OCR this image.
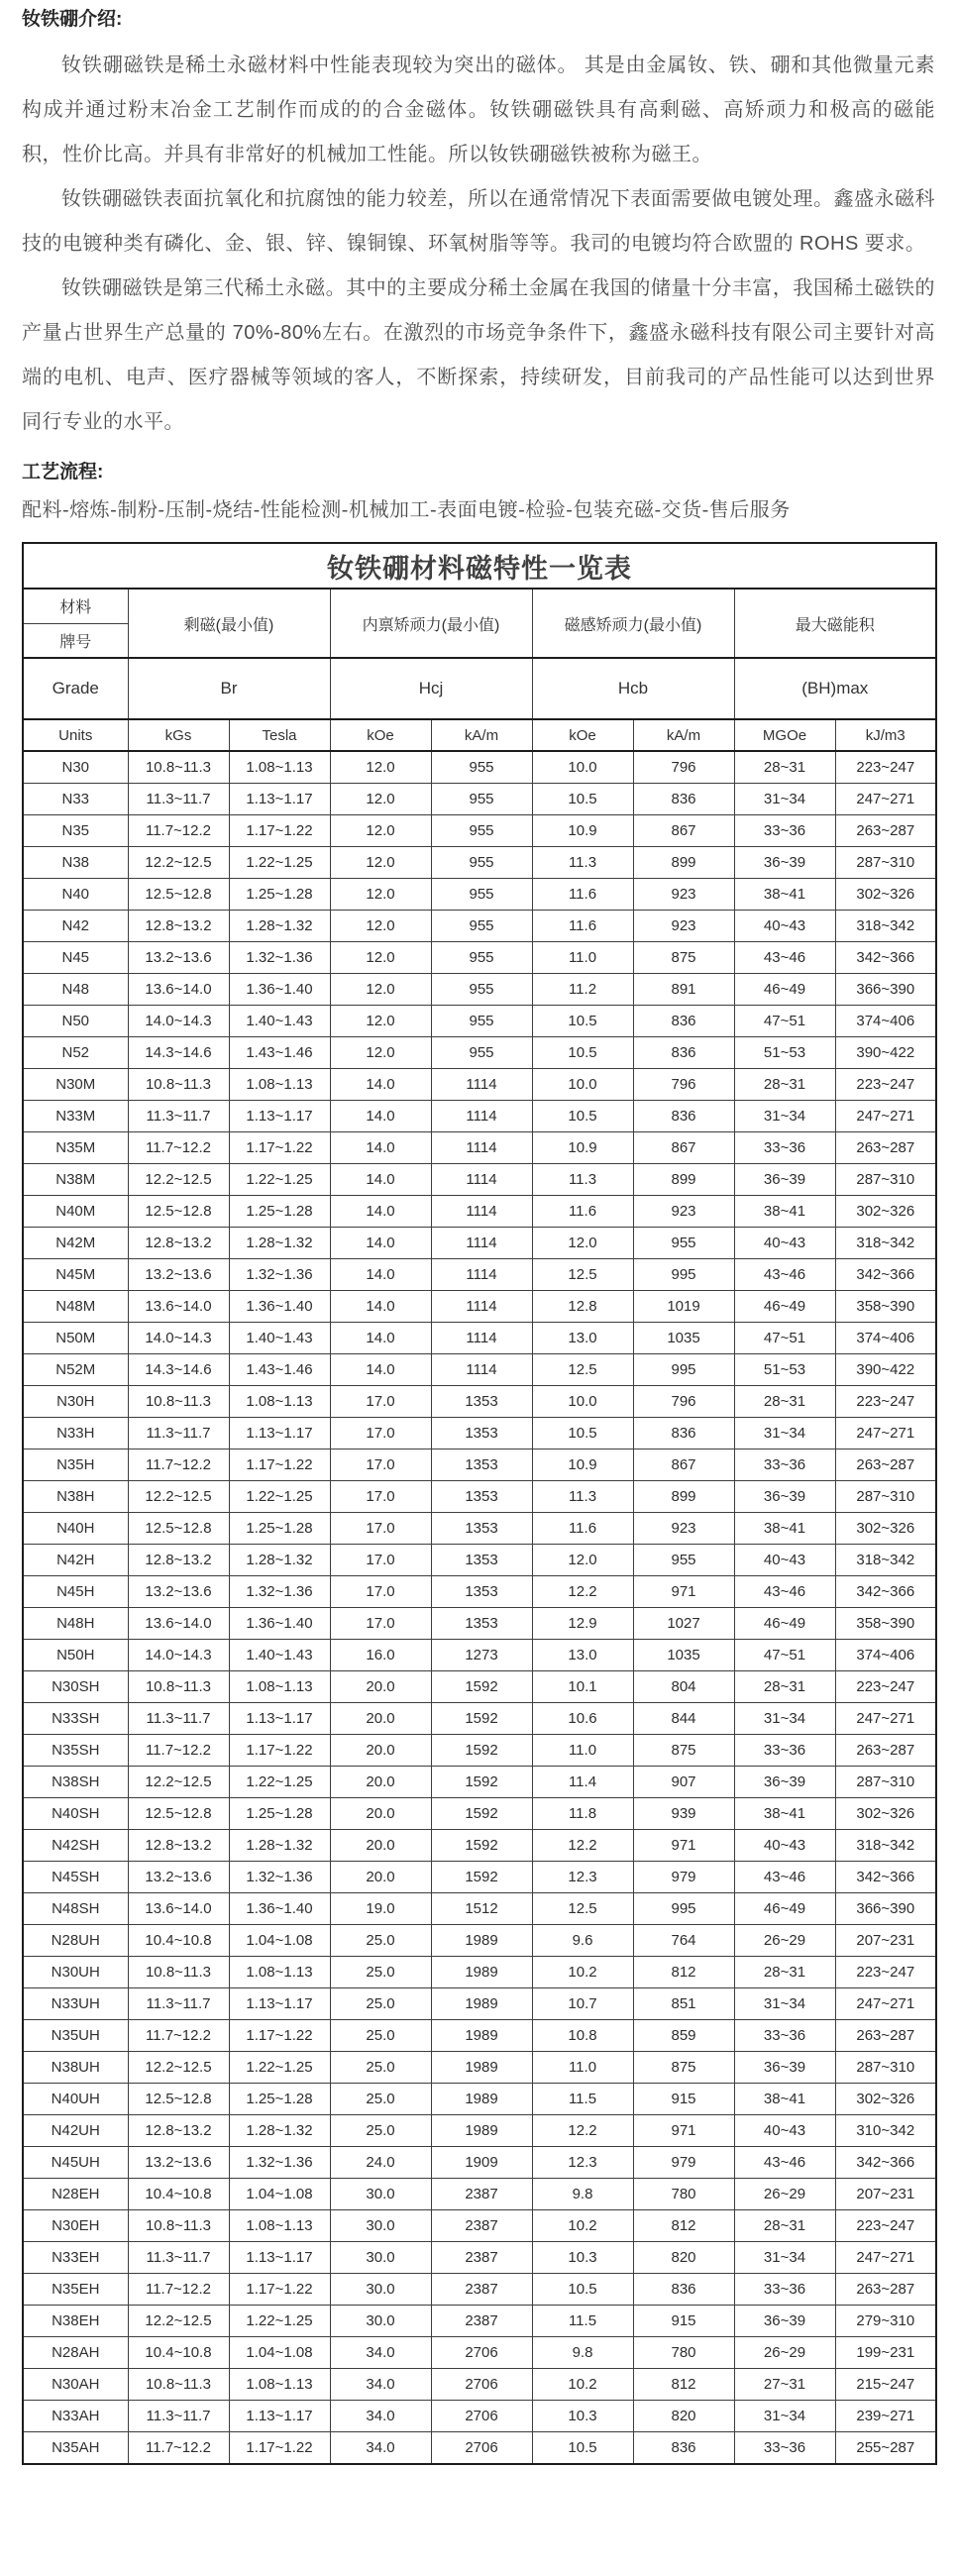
钕铁硼介绍:

钕铁硼磁铁是稀土永磁材料中性能表现较为突出的磁体。 其是由金属钕、铁、硼和其他微量元素构成并通过粉末冶金工艺制作而成的的合金磁体。钕铁硼磁铁具有高剩磁、高矫顽力和极高的磁能积，性价比高。并具有非常好的机械加工性能。所以钕铁硼磁铁被称为磁王。

钕铁硼磁铁表面抗氧化和抗腐蚀的能力较差，所以在通常情况下表面需要做电镀处理。鑫盛永磁科技的电镀种类有磷化、金、银、锌、镍铜镍、环氧树脂等等。我司的电镀均符合欧盟的 ROHS 要求。

钕铁硼磁铁是第三代稀土永磁。其中的主要成分稀土金属在我国的储量十分丰富，我国稀土磁铁的产量占世界生产总量的 70%-80%左右。在激烈的市场竞争条件下，鑫盛永磁科技有限公司主要针对高端的电机、电声、医疗器械等领域的客人，不断探索，持续研发，目前我司的产品性能可以达到世界同行专业的水平。

工艺流程:

配料-熔炼-制粉-压制-烧结-性能检测-机械加工-表面电镀-检验-包装充磁-交货-售后服务

钕铁硼材料磁特性一览表								

材料
牌号	剩磁(最小值)		内禀矫顽力(最小值)		磁感矫顽力(最小值)		最大磁能积	
Grade	Br		Hcj		Hcb		(BH)max	
Units	kGs	Tesla	kOe	kA/m	kOe	kA/m	MGOe	kJ/m3
N30	10.8~11.3	1.08~1.13	12.0	955	10.0	796	28~31	223~247
N33	11.3~11.7	1.13~1.17	12.0	955	10.5	836	31~34	247~271
N35	11.7~12.2	1.17~1.22	12.0	955	10.9	867	33~36	263~287
N38	12.2~12.5	1.22~1.25	12.0	955	11.3	899	36~39	287~310
N40	12.5~12.8	1.25~1.28	12.0	955	11.6	923	38~41	302~326
N42	12.8~13.2	1.28~1.32	12.0	955	11.6	923	40~43	318~342
N45	13.2~13.6	1.32~1.36	12.0	955	11.0	875	43~46	342~366
N48	13.6~14.0	1.36~1.40	12.0	955	11.2	891	46~49	366~390
N50	14.0~14.3	1.40~1.43	12.0	955	10.5	836	47~51	374~406
N52	14.3~14.6	1.43~1.46	12.0	955	10.5	836	51~53	390~422
N30M	10.8~11.3	1.08~1.13	14.0	1114	10.0	796	28~31	223~247
N33M	11.3~11.7	1.13~1.17	14.0	1114	10.5	836	31~34	247~271
N35M	11.7~12.2	1.17~1.22	14.0	1114	10.9	867	33~36	263~287
N38M	12.2~12.5	1.22~1.25	14.0	1114	11.3	899	36~39	287~310
N40M	12.5~12.8	1.25~1.28	14.0	1114	11.6	923	38~41	302~326
N42M	12.8~13.2	1.28~1.32	14.0	1114	12.0	955	40~43	318~342
N45M	13.2~13.6	1.32~1.36	14.0	1114	12.5	995	43~46	342~366
N48M	13.6~14.0	1.36~1.40	14.0	1114	12.8	1019	46~49	358~390
N50M	14.0~14.3	1.40~1.43	14.0	1114	13.0	1035	47~51	374~406
N52M	14.3~14.6	1.43~1.46	14.0	1114	12.5	995	51~53	390~422
N30H	10.8~11.3	1.08~1.13	17.0	1353	10.0	796	28~31	223~247
N33H	11.3~11.7	1.13~1.17	17.0	1353	10.5	836	31~34	247~271
N35H	11.7~12.2	1.17~1.22	17.0	1353	10.9	867	33~36	263~287
N38H	12.2~12.5	1.22~1.25	17.0	1353	11.3	899	36~39	287~310
N40H	12.5~12.8	1.25~1.28	17.0	1353	11.6	923	38~41	302~326
N42H	12.8~13.2	1.28~1.32	17.0	1353	12.0	955	40~43	318~342
N45H	13.2~13.6	1.32~1.36	17.0	1353	12.2	971	43~46	342~366
N48H	13.6~14.0	1.36~1.40	17.0	1353	12.9	1027	46~49	358~390
N50H	14.0~14.3	1.40~1.43	16.0	1273	13.0	1035	47~51	374~406
N30SH	10.8~11.3	1.08~1.13	20.0	1592	10.1	804	28~31	223~247
N33SH	11.3~11.7	1.13~1.17	20.0	1592	10.6	844	31~34	247~271
N35SH	11.7~12.2	1.17~1.22	20.0	1592	11.0	875	33~36	263~287
N38SH	12.2~12.5	1.22~1.25	20.0	1592	11.4	907	36~39	287~310
N40SH	12.5~12.8	1.25~1.28	20.0	1592	11.8	939	38~41	302~326
N42SH	12.8~13.2	1.28~1.32	20.0	1592	12.2	971	40~43	318~342
N45SH	13.2~13.6	1.32~1.36	20.0	1592	12.3	979	43~46	342~366
N48SH	13.6~14.0	1.36~1.40	19.0	1512	12.5	995	46~49	366~390
N28UH	10.4~10.8	1.04~1.08	25.0	1989	9.6	764	26~29	207~231
N30UH	10.8~11.3	1.08~1.13	25.0	1989	10.2	812	28~31	223~247
N33UH	11.3~11.7	1.13~1.17	25.0	1989	10.7	851	31~34	247~271
N35UH	11.7~12.2	1.17~1.22	25.0	1989	10.8	859	33~36	263~287
N38UH	12.2~12.5	1.22~1.25	25.0	1989	11.0	875	36~39	287~310
N40UH	12.5~12.8	1.25~1.28	25.0	1989	11.5	915	38~41	302~326
N42UH	12.8~13.2	1.28~1.32	25.0	1989	12.2	971	40~43	310~342
N45UH	13.2~13.6	1.32~1.36	24.0	1909	12.3	979	43~46	342~366
N28EH	10.4~10.8	1.04~1.08	30.0	2387	9.8	780	26~29	207~231
N30EH	10.8~11.3	1.08~1.13	30.0	2387	10.2	812	28~31	223~247
N33EH	11.3~11.7	1.13~1.17	30.0	2387	10.3	820	31~34	247~271
N35EH	11.7~12.2	1.17~1.22	30.0	2387	10.5	836	33~36	263~287
N38EH	12.2~12.5	1.22~1.25	30.0	2387	11.5	915	36~39	279~310
N28AH	10.4~10.8	1.04~1.08	34.0	2706	9.8	780	26~29	199~231
N30AH	10.8~11.3	1.08~1.13	34.0	2706	10.2	812	27~31	215~247
N33AH	11.3~11.7	1.13~1.17	34.0	2706	10.3	820	31~34	239~271
N35AH	11.7~12.2	1.17~1.22	34.0	2706	10.5	836	33~36	255~287
